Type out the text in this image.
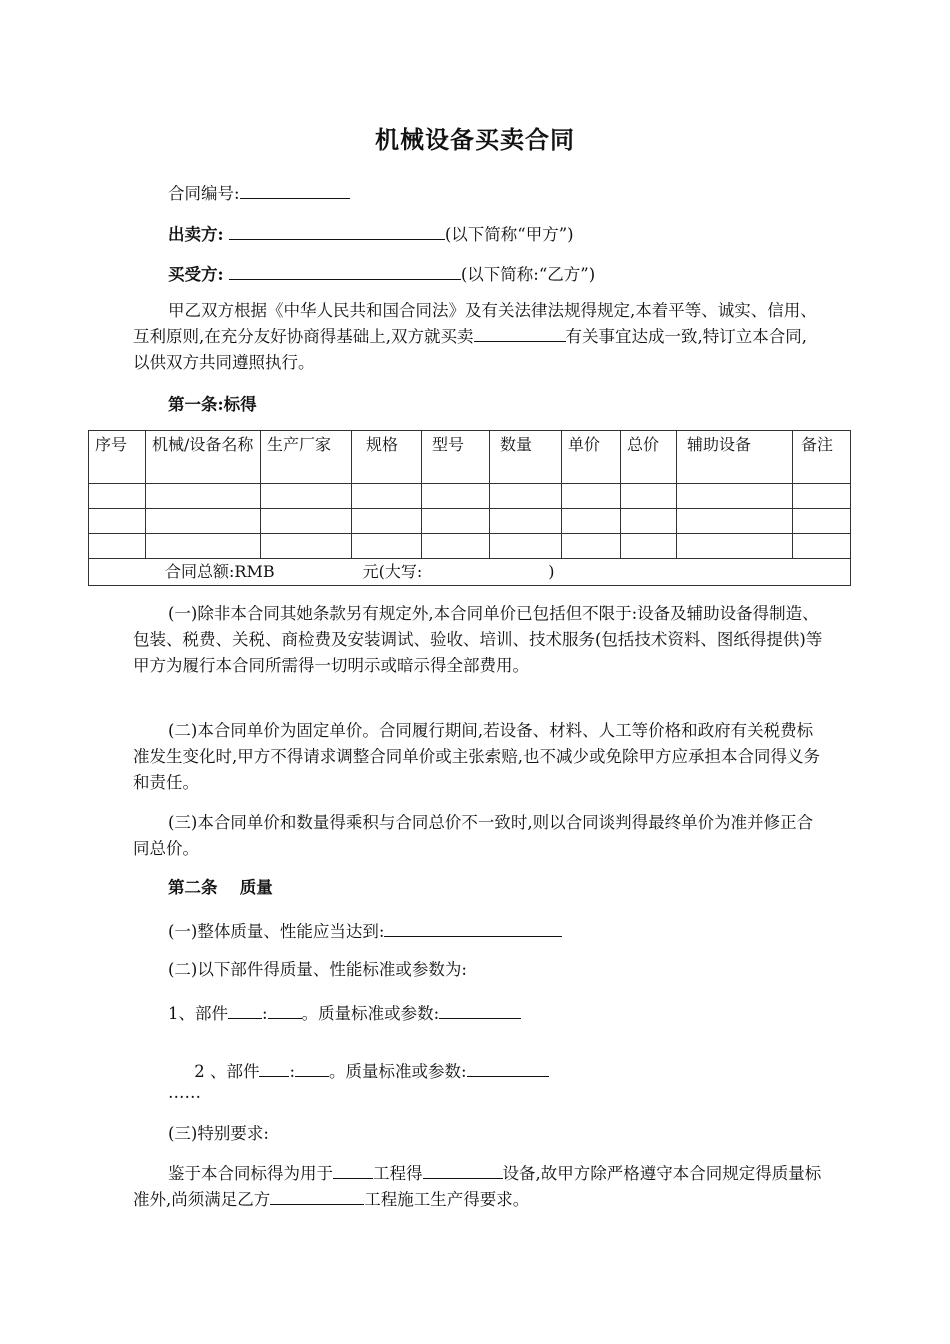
机械设备买卖合同
合同编号:
出卖方:	(以下简称“甲方”)
买受方:	(以下简称:“乙方”)
甲乙双方根据《中华人民共和国合同法》及有关法律法规得规定,本着平等、诚实、信用、互利原则,在充分友好协商得基础上,双方就买卖	有关事宜达成一致,特订立本合同,以供双方共同遵照执行。
第一条:标得
序号	机械/设备名称	生产厂家	规格	型号	数量	单价	总价	辅助设备	备注

合同总额:RMB 元(大写: )									
(一)除非本合同其她条款另有规定外,本合同单价已包括但不限于:设备及辅助设备得制造、包装、税费、关税、商检费及安装调试、验收、培训、技术服务(包括技术资料、图纸得提供)等甲方为履行本合同所需得一切明示或暗示得全部费用。
(二)本合同单价为固定单价。合同履行期间,若设备、材料、人工等价格和政府有关税费标准发生变化时,甲方不得请求调整合同单价或主张索赔,也不减少或免除甲方应承担本合同得义务和责任。
(三)本合同单价和数量得乘积与合同总价不一致时,则以合同谈判得最终单价为准并修正合同总价。
第二条　 质量
(一)整体质量、性能应当达到:
(二)以下部件得质量、性能标准或参数为:
1、部件 : 。质量标准或参数:

2 、部件 : 。质量标准或参数:

……
(三)特别要求:
鉴于本合同标得为用于 工程得	设备,故甲方除严格遵守本合同规定得质量标准外,尚须满足乙方	工程施工生产得要求。
